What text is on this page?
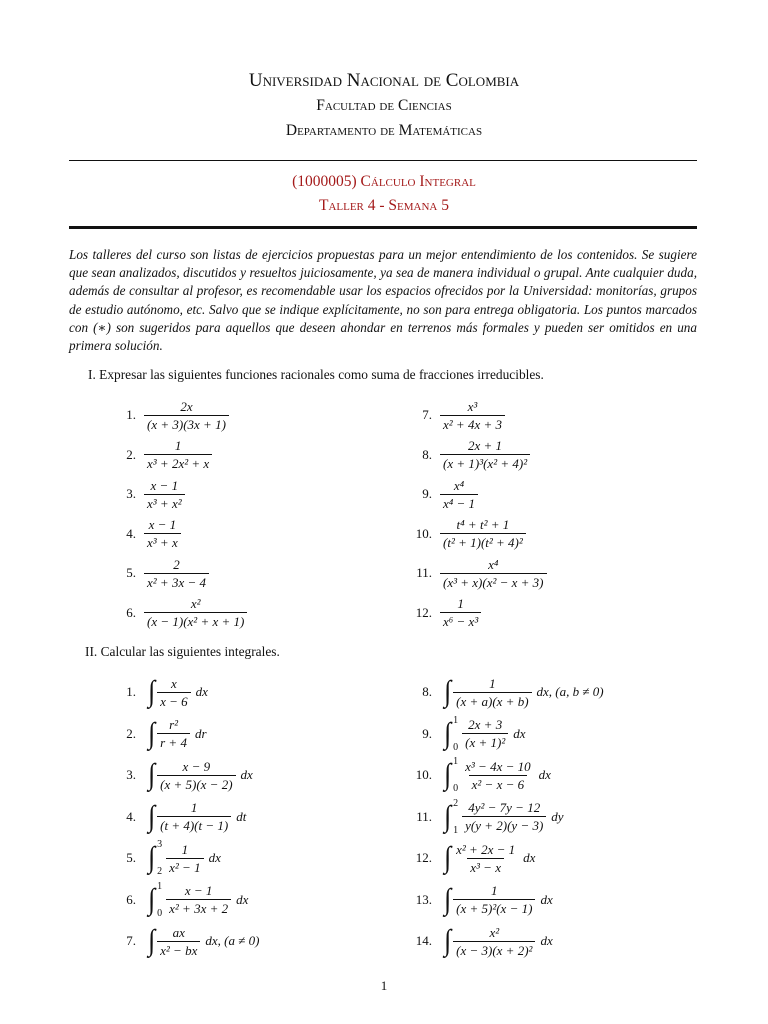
Universidad Nacional de Colombia
Facultad de Ciencias
Departamento de Matemáticas
(1000005) Cálculo Integral
Taller 4 - Semana 5
Los talleres del curso son listas de ejercicios propuestas para un mejor entendimiento de los contenidos. Se sugiere que sean analizados, discutidos y resueltos juiciosamente, ya sea de manera individual o grupal. Ante cualquier duda, además de consultar al profesor, es recomendable usar los espacios ofrecidos por la Universidad: monitorías, grupos de estudio autónomo, etc. Salvo que se indique explícitamente, no son para entrega obligatoria. Los puntos marcados con (∗) son sugeridos para aquellos que deseen ahondar en terrenos más formales y pueden ser omitidos en una primera solución.
I. Expresar las siguientes funciones racionales como suma de fracciones irreducibles.
1. $\frac{2x}{(x + 3)(3x + 1)}$
2. $\frac{1}{\text{x³ + 2x² + x}}$
3. $\frac{x - 1}{\text{x³ + x²}}$
4. $\frac{x - 1}{\text{x³ + x}}$
5. $\frac{2}{\text{x² + 3x − 4}}$
6. $\frac{\text{x²}}{\text{(x − 1)(x² + x + 1)}}$
7. $\frac{\text{x³}}{\text{x² + 4x + 3}}$
8. $\frac{2x + 1}{\text{(x + 1)³(x² + 4)²}}$
9. $\frac{\text{x⁴}}{\text{x⁴ − 1}}$
10. $\frac{\text{t⁴ + t² + 1}}{\text{(t² + 1)(t² + 4)²}}$
11. $\frac{\text{x⁴}}{\text{(x³ + x)(x² − x + 3)}}$
12. $\frac{1}{\text{x⁶ − x³}}$
II. Calcular las siguientes integrales.
1. ∫ $\frac{x}{x - 6}$ dx
2. ∫ $\frac{\text{r²}}{r + 4}$ dr
3. ∫ $\frac{x - 9}{(x + 5)(x - 2)}$ dx
4. ∫ $\frac{1}{(t + 4)(t - 1)}$ dt
5. ∫ 3
$2 \frac{1}{\text{x² − 1}}$ dx
6. ∫ 1
$0 \frac{x - 1}{\text{x² + 3x + 2}}$ dx
7. ∫ $\frac{ax}{\text{x² − bx}}$ dx, (a ≠ 0)
8. ∫ $\frac{1}{(x + a)(x + b)}$ dx, (a, b ≠ 0)
9. ∫ 1
$0 \frac{2x + 3}{\text{(x + 1)²}}$ dx
10. ∫ 1
$0 \frac{\text{x³ − 4x − 10}}{\text{x² − x − 6}}$ dx
11. ∫ 2
$1 \frac{\text{4y² − 7y − 12}}{y(y + 2)(y - 3)}$ dy
12. ∫ $\frac{\text{x² + 2x − 1}}{\text{x³ − x}}$ dx
13. ∫ $\frac{1}{\text{(x + 5)²(x − 1)}}$ dx
14. ∫ $\frac{\text{x²}}{\text{(x − 3)(x + 2)²}}$ dx
1
